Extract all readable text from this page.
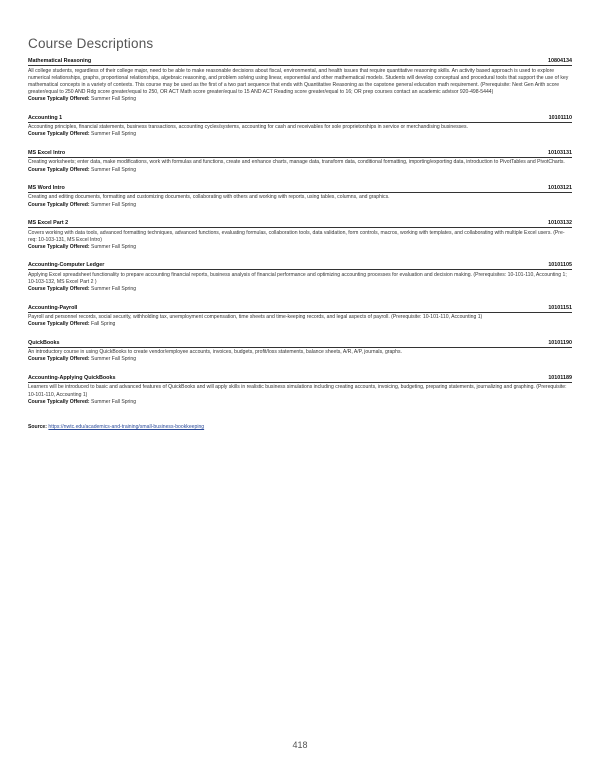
Course Descriptions
Mathematical Reasoning	10804134
All college students, regardless of their college major, need to be able to make reasonable decisions about fiscal, environmental, and health issues that require quantitative reasoning skills. An activity based approach is used to explore numerical relationships, graphs, proportional relationships, algebraic reasoning, and problem solving using linear, exponential and other mathematical models. Students will develop conceptual and procedural tools that support the use of key mathematical concepts in a variety of contexts. This course may be used as the first of a two part sequence that ends with Quantitative Reasoning as the capstone general education math requirement. (Prerequisite: Next Gen Arith score greater/equal to 250 AND Rdg score greater/equal to 250, OR ACT Math score greater/equal to 15 AND ACT Reading score greater/equal to 16; OR prep courses contact an academic advisor 920-498-5444)
Course Typically Offered: Summer Fall Spring
Accounting 1	10101110
Accounting principles, financial statements, business transactions, accounting cycles/systems, accounting for cash and receivables for sole proprietorships in service or merchandising businesses.
Course Typically Offered: Summer Fall Spring
MS Excel Intro	10103131
Creating worksheets; enter data, make modifications, work with formulas and functions, create and enhance charts, manage data, transform data, conditional formatting, importing/exporting data, introduction to PivotTables and PivotCharts.
Course Typically Offered: Summer Fall Spring
MS Word Intro	10103121
Creating and editing documents, formatting and customizing documents, collaborating with others and working with reports, using tables, columns, and graphics.
Course Typically Offered: Summer Fall Spring
MS Excel Part 2	10103132
Covers working with data tools, advanced formatting techniques, advanced functions, evaluating formulas, collaboration tools, data validation, form controls, macros, working with templates, and collaborating with multiple Excel users. (Pre-req: 10-103-131, MS Excel Intro)
Course Typically Offered: Summer Fall Spring
Accounting-Computer Ledger	10101105
Applying Excel spreadsheet functionality to prepare accounting financial reports, business analysis of financial performance and optimizing accounting processes for evaluation and decision making. (Prerequisites: 10-101-110, Accounting 1; 10-103-132, MS Excel Part 2 )
Course Typically Offered: Summer Fall Spring
Accounting-Payroll	10101151
Payroll and personnel records, social security, withholding tax, unemployment compensation, time sheets and time-keeping records, and legal aspects of payroll. (Prerequisite: 10-101-110, Accounting 1)
Course Typically Offered: Fall Spring
QuickBooks	10101190
An introductory course in using QuickBooks to create vendor/employee accounts, invoices, budgets, profit/loss statements, balance sheets, A/R, A/P, journals, graphs.
Course Typically Offered: Summer Fall Spring
Accounting-Applying QuickBooks	10101189
Learners will be introduced to basic and advanced features of QuickBooks and will apply skills in realistic business simulations including creating accounts, invoicing, budgeting, preparing statements, journalizing and graphing. (Prerequisite: 10-101-110, Accounting 1)
Course Typically Offered: Summer Fall Spring
Source: https://nwtc.edu/academics-and-training/small-business-bookkeeping
418
